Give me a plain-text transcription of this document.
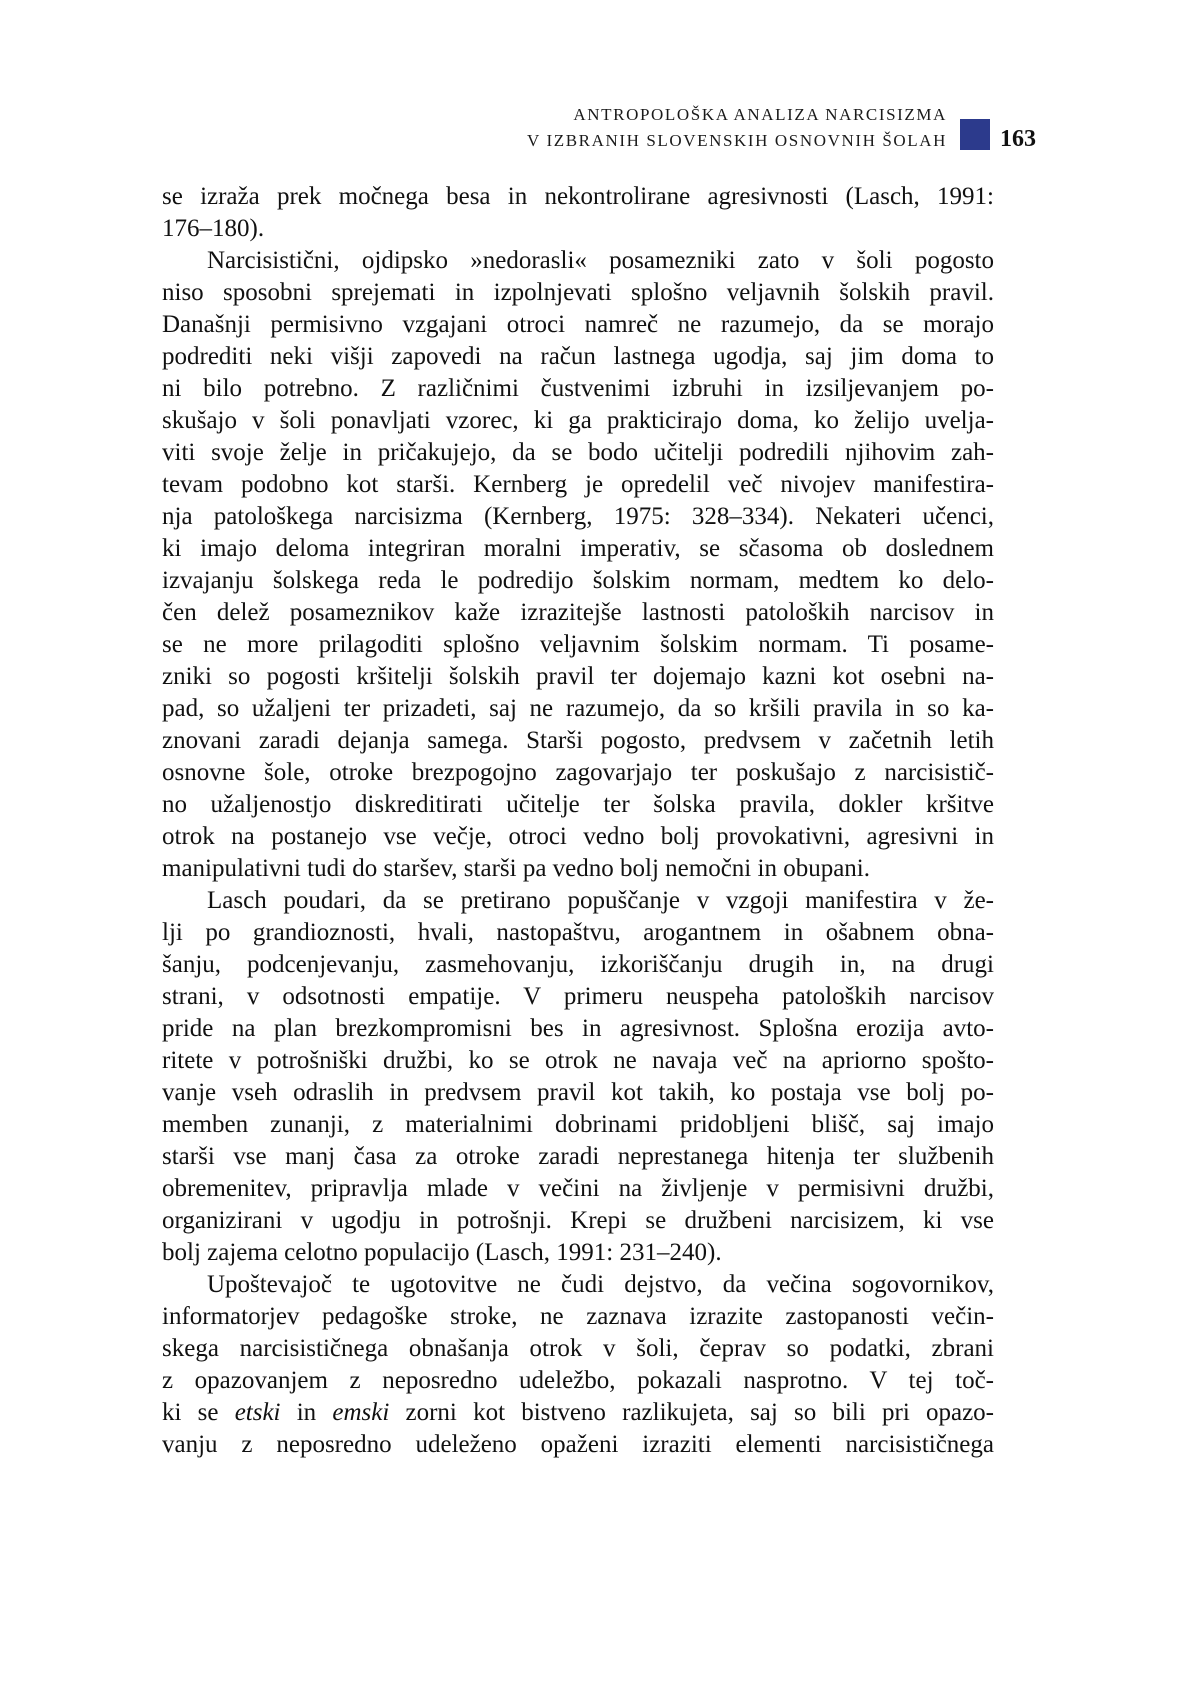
ANTROPOLOŠKA ANALIZA NARCISIZMA
V IZBRANIH SLOVENSKIH OSNOVNIH ŠOLAH 163
se izraža prek močnega besa in nekontrolirane agresivnosti (Lasch, 1991:
176–180).
Narcisistični, ojdipsko »nedorasli« posamezniki zato v šoli pogosto
niso sposobni sprejemati in izpolnjevati splošno veljavnih šolskih pravil.
Današnji permisivno vzgajani otroci namreč ne razumejo, da se morajo
podrediti neki višji zapovedi na račun lastnega ugodja, saj jim doma to
ni bilo potrebno. Z različnimi čustvenimi izbruhi in izsiljevanjem po-
skušajo v šoli ponavljati vzorec, ki ga prakticirajo doma, ko želijo uvelja-
viti svoje želje in pričakujejo, da se bodo učitelji podredili njihovim zah-
tevam podobno kot starši. Kernberg je opredelil več nivojev manifestira-
nja patološkega narcisizma (Kernberg, 1975: 328–334). Nekateri učenci,
ki imajo deloma integriran moralni imperativ, se sčasoma ob doslednem
izvajanju šolskega reda le podredijo šolskim normam, medtem ko delo-
čen delež posameznikov kaže izrazitejše lastnosti patoloških narcisov in
se ne more prilagoditi splošno veljavnim šolskim normam. Ti posame-
zniki so pogosti kršitelji šolskih pravil ter dojemajo kazni kot osebni na-
pad, so užaljeni ter prizadeti, saj ne razumejo, da so kršili pravila in so ka-
znovani zaradi dejanja samega. Starši pogosto, predvsem v začetnih letih
osnovne šole, otroke brezpogojno zagovarjajo ter poskušajo z narcisistič-
no užaljenostjo diskreditirati učitelje ter šolska pravila, dokler kršitve
otrok na postanejo vse večje, otroci vedno bolj provokativni, agresivni in
manipulativni tudi do staršev, starši pa vedno bolj nemočni in obupani.
Lasch poudari, da se pretirano popuščanje v vzgoji manifestira v že-
lji po grandioznosti, hvali, nastopaštvu, arogantnem in ošabnem obna-
šanju, podcenjevanju, zasmehovanju, izkoriščanju drugih in, na drugi
strani, v odsotnosti empatije. V primeru neuspeha patoloških narcisov
pride na plan brezkompromisni bes in agresivnost. Splošna erozija avto-
ritete v potrošniški družbi, ko se otrok ne navaja več na apriorno spošto-
vanje vseh odraslih in predvsem pravil kot takih, ko postaja vse bolj po-
memben zunanji, z materialnimi dobrinami pridobljeni blišč, saj imajo
starši vse manj časa za otroke zaradi neprestanega hitenja ter službenih
obremenitev, pripravlja mlade v večini na življenje v permisivni družbi,
organizirani v ugodju in potrošnji. Krepi se družbeni narcisizem, ki vse
bolj zajema celotno populacijo (Lasch, 1991: 231–240).
Upoštevajoč te ugotovitve ne čudi dejstvo, da večina sogovornikov,
informatorjev pedagoške stroke, ne zaznava izrazite zastopanosti večin-
skega narcisističnega obnašanja otrok v šoli, čeprav so podatki, zbrani
z opazovanjem z neposredno udeležbo, pokazali nasprotno. V tej toč-
ki se etski in emski zorni kot bistveno razlikujeta, saj so bili pri opazo-
vanju z neposredno udeleženo opaženi izraziti elementi narcisističnega
